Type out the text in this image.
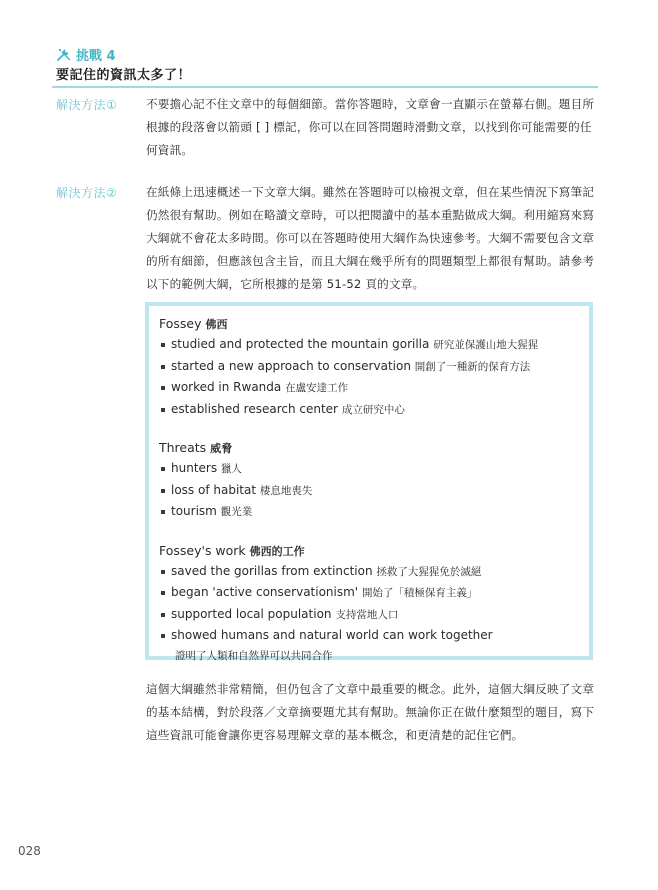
挑戰 4
要記住的資訊太多了！
解決方法① 不要擔心記不住文章中的每個細節。當你答題時，文章會一直顯示在螢幕右側。題目所根據的段落會以箭頭 [ ] 標記，你可以在回答問題時滑動文章，以找到你可能需要的任何資訊。
解決方法② 在紙條上迅速概述一下文章大綱。雖然在答題時可以檢視文章，但在某些情況下寫筆記仍然很有幫助。例如在略讀文章時，可以把閱讀中的基本重點做成大綱。利用縮寫來寫大綱就不會花太多時間。你可以在答題時使用大綱作為快速參考。大綱不需要包含文章的所有細節，但應該包含主旨，而且大綱在幾乎所有的問題類型上都很有幫助。請參考以下的範例大綱，它所根據的是第 51-52 頁的文章。
Fossey 佛西
studied and protected the mountain gorilla 研究並保護山地大猩猩
started a new approach to conservation 開創了一種新的保育方法
worked in Rwanda 在盧安達工作
established research center 成立研究中心
Threats 威脅
hunters 獵人
loss of habitat 棲息地喪失
tourism 觀光業
Fossey's work 佛西的工作
saved the gorillas from extinction 拯救了大猩猩免於滅絕
began 'active conservationism' 開始了「積極保育主義」
supported local population 支持當地人口
showed humans and natural world can work together
證明了人類和自然界可以共同合作
這個大綱雖然非常精簡，但仍包含了文章中最重要的概念。此外，這個大綱反映了文章的基本結構，對於段落／文章摘要題尤其有幫助。無論你正在做什麼類型的題目，寫下這些資訊可能會讓你更容易理解文章的基本概念，和更清楚的記住它們。
028
